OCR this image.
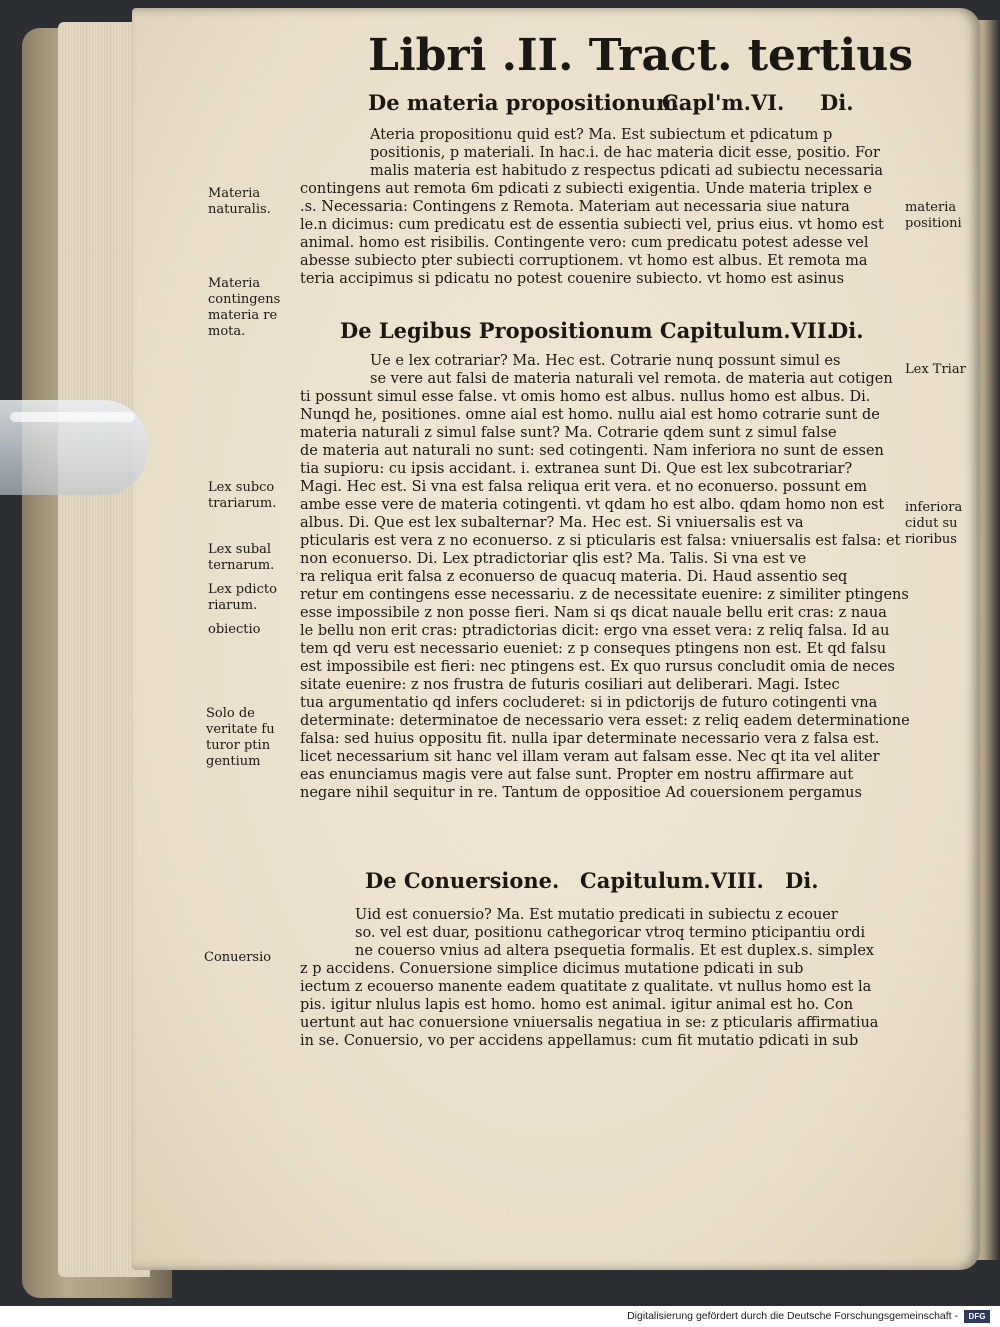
Libri .II. Tract. tertius
De materia propositionum.
Capl'm.VI. Di.
Ateria propositionu quid est? Ma. Est subiectum et pdicatum p
positionis, p materiali. In hac.i. de hac materia dicit esse, positio. For
malis materia est habitudo z respectus pdicati ad subiectu necessaria
contingens aut remota 6m pdicati z subiecti exigentia. Unde materia triplex e
.s. Necessaria: Contingens z Remota. Materiam aut necessaria siue natura
le.n dicimus: cum predicatu est de essentia subiecti vel, prius eius. vt homo est
animal. homo est risibilis. Contingente vero: cum predicatu potest adesse vel
abesse subiecto pter subiecti corruptionem. vt homo est albus. Et remota ma
teria accipimus si pdicatu no potest couenire subiecto. vt homo est asinus
De Legibus Propositionum Capitulum.VII.
Di.
Ue e lex cotrariar? Ma. Hec est. Cotrarie nunq possunt simul es
se vere aut falsi de materia naturali vel remota. de materia aut cotigen
ti possunt simul esse false. vt omis homo est albus. nullus homo est albus. Di.
Nunqd he, positiones. omne aial est homo. nullu aial est homo cotrarie sunt de
materia naturali z simul false sunt? Ma. Cotrarie qdem sunt z simul false
de materia aut naturali no sunt: sed cotingenti. Nam inferiora no sunt de essen
tia supioru: cu ipsis accidant. i. extranea sunt Di. Que est lex subcotrariar?
Magi. Hec est. Si vna est falsa reliqua erit vera. et no econuerso. possunt em
ambe esse vere de materia cotingenti. vt qdam ho est albo. qdam homo non est
albus. Di. Que est lex subalternar? Ma. Hec est. Si vniuersalis est va
pticularis est vera z no econuerso. z si pticularis est falsa: vniuersalis est falsa: et
non econuerso. Di. Lex ptradictoriar qlis est? Ma. Talis. Si vna est ve
ra reliqua erit falsa z econuerso de quacuq materia. Di. Haud assentio seq
retur em contingens esse necessariu. z de necessitate euenire: z similiter ptingens
esse impossibile z non posse fieri. Nam si qs dicat nauale bellu erit cras: z naua
le bellu non erit cras: ptradictorias dicit: ergo vna esset vera: z reliq falsa. Id au
tem qd veru est necessario eueniet: z p conseques ptingens non est. Et qd falsu
est impossibile est fieri: nec ptingens est. Ex quo rursus concludit omia de neces
sitate euenire: z nos frustra de futuris cosiliari aut deliberari. Magi. Istec
tua argumentatio qd infers cocluderet: si in pdictorijs de futuro cotingenti vna
determinate: determinatoe de necessario vera esset: z reliq eadem determinatione
falsa: sed huius oppositu fit. nulla ipar determinate necessario vera z falsa est.
licet necessarium sit hanc vel illam veram aut falsam esse. Nec qt ita vel aliter
eas enunciamus magis vere aut false sunt. Propter em nostru affirmare aut
negare nihil sequitur in re. Tantum de oppositioe Ad couersionem pergamus
De Conuersione. Capitulum.VIII. Di.
Uid est conuersio? Ma. Est mutatio predicati in subiectu z ecouer
so. vel est duar, positionu cathegoricar vtroq termino pticipantiu ordi
ne couerso vnius ad altera psequetia formalis. Et est duplex.s. simplex
z p accidens. Conuersione simplice dicimus mutatione pdicati in sub
iectum z ecouerso manente eadem quatitate z qualitate. vt nullus homo est la
pis. igitur nlulus lapis est homo. homo est animal. igitur animal est ho. Con
uertunt aut hac conuersione vniuersalis negatiua in se: z pticularis affirmatiua
in se. Conuersio, vo per accidens appellamus: cum fit mutatio pdicati in sub
Materia
naturalis.
Materia
contingens
materia re
mota.
Lex subco
trariarum.
Lex subal
ternarum.
Lex pdicto
riarum.
obiectio
Solo de
veritate fu
turor ptin
gentium
Conuersio
materia
positioni
Lex Triar
inferiora
cidut su
rioribus
Digitalisierung gefördert durch die Deutsche Forschungsgemeinschaft -	DFG
